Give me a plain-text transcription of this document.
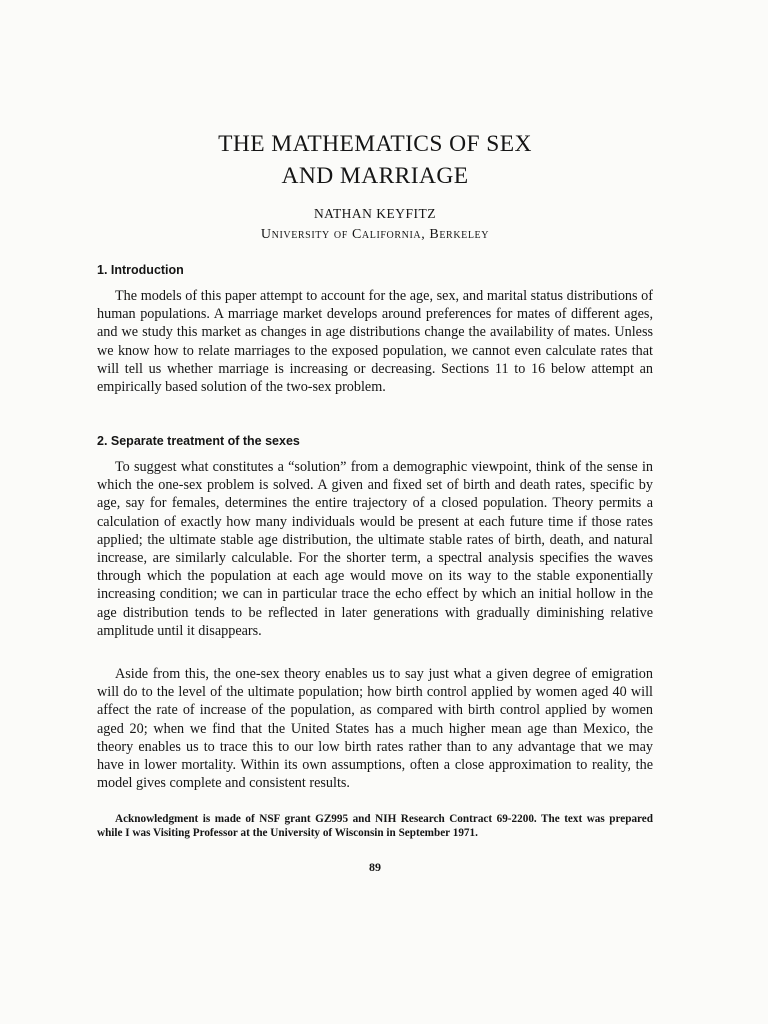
THE MATHEMATICS OF SEX
AND MARRIAGE
NATHAN KEYFITZ
University of California, Berkeley
1. Introduction

The models of this paper attempt to account for the age, sex, and marital status distributions of human populations. A marriage market develops around preferences for mates of different ages, and we study this market as changes in age distributions change the availability of mates. Unless we know how to relate marriages to the exposed population, we cannot even calculate rates that will tell us whether marriage is increasing or decreasing. Sections 11 to 16 below attempt an empirically based solution of the two-sex problem.

2. Separate treatment of the sexes

To suggest what constitutes a “solution” from a demographic viewpoint, think of the sense in which the one-sex problem is solved. A given and fixed set of birth and death rates, specific by age, say for females, determines the entire trajectory of a closed population. Theory permits a calculation of exactly how many individuals would be present at each future time if those rates applied; the ultimate stable age distribution, the ultimate stable rates of birth, death, and natural increase, are similarly calculable. For the shorter term, a spectral analysis specifies the waves through which the population at each age would move on its way to the stable exponentially increasing condition; we can in particular trace the echo effect by which an initial hollow in the age distribution tends to be reflected in later generations with gradually diminishing relative amplitude until it disappears.

Aside from this, the one-sex theory enables us to say just what a given degree of emigration will do to the level of the ultimate population; how birth control applied by women aged 40 will affect the rate of increase of the population, as compared with birth control applied by women aged 20; when we find that the United States has a much higher mean age than Mexico, the theory enables us to trace this to our low birth rates rather than to any advantage that we may have in lower mortality. Within its own assumptions, often a close approximation to reality, the model gives complete and consistent results.

Acknowledgment is made of NSF grant GZ995 and NIH Research Contract 69-2200. The text was prepared while I was Visiting Professor at the University of Wisconsin in September 1971.

89
